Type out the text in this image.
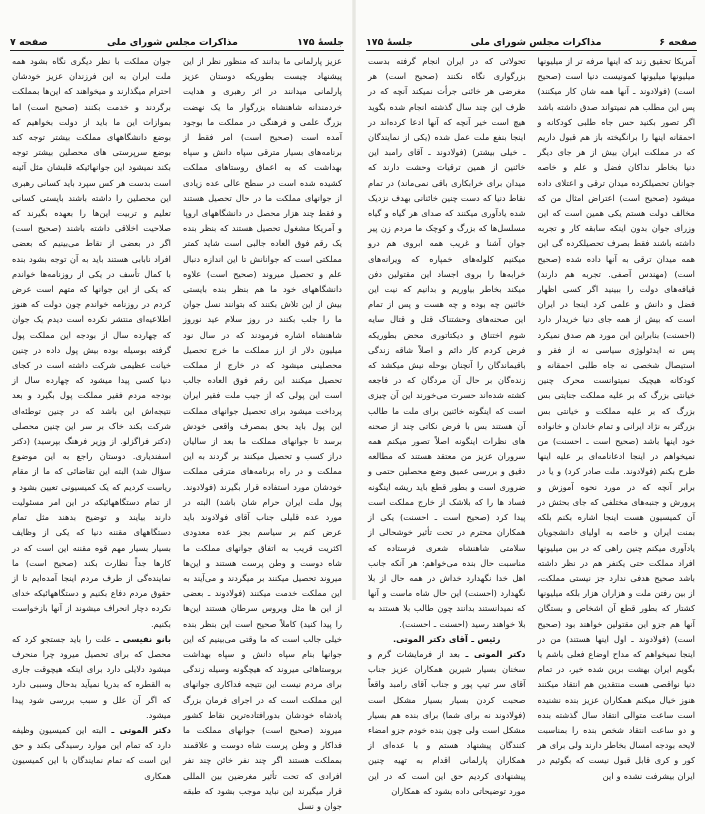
جلسهٔ ۱۷۵
مذاکرات مجلس شورای ملی
صفحه ۷

عزیز پارلمانی ما بدانند که منظور نظر از این پیشنهاد چیست بطوریکه دوستان عزیز پارلمانی میدانند در اثر رهبری و هدایت خردمندانه شاهنشاه بزرگوار ما یک نهضت بزرگ علمی و فرهنگی در مملکت ما بوجود آمده است (صحیح است) امر فقط از برنامه‌های بسیار مترقی سپاه دانش و سپاه بهداشت که به اعماق روستاهای مملکت کشیده شده است در سطح عالی عده زیادی از جوانهای مملکت ما در حال تحصیل هستند و فقط چند هزار محصل در دانشگاههای اروپا و آمریکا مشغول تحصیل هستند که بنظر بنده یک رقم فوق العاده جالبی است شاید کمتر مملکتی است که جوانانش تا این اندازه دنبال علم و تحصیل میروند (صحیح است) علاوه دانشگاههای خود ما هم بنظر بنده بایستی بیش از این تلاش بکنند که بتوانند نسل جوان ما را جلب بکنند در روز سلام عید نوروز شاهنشاه اشاره فرمودند که در سال نود میلیون دلار از ارز مملکت ما خرج تحصیل محصلینی میشود که در خارج از مملکت تحصیل میکنند این رقم فوق العاده جالب است این پولی که از جیب ملت فقیر ایران پرداخت میشود برای تحصیل جوانهای مملکت این پول باید بحق بمصرف واقعی خودش برسد تا جوانهای مملکت ما بعد از سالیان دراز کسب و تحصیل میکنند بر گردند به این مملکت و در راه برنامه‌های مترقی مملکت خودشان مورد استفاده قرار بگیرند (فولادوند. پول ملت ایران حرام شان باشد) البته در مورد عده قلیلی جناب آقای فولادوند باید عرض کنم بر سیاسم بجز عده معدودی اکثریت قریب به اتفاق جوانهای مملکت ما شاه دوست و وطن پرست هستند و این‌ها میروند تحصیل میکنند بر میگردند و می‌آیند به این مملکت خدمت میکنند (فولادوند ـ بعضی از این ها مثل ویروس سرطان هستند این‌ها را پیدا کنید) کاملاً صحیح است این بنظر بنده خیلی جالب است که ما وقتی می‌بینیم که این جوانها بنام سپاه دانش و سپاه بهداشت بروستاهائی میروند که هیچگونه وسیله زندگی برای مردم نیست این نتیجه فداکاری جوانهای این مملکت است که در اجرای فرمان بزرگ پادشاه خودشان بدورافتاده‌ترین نقاط کشور میروند (صحیح است) جوانهای مملکت ما فداکار و وطن پرست شاه دوست و علاقمند بمملکت هستند اگر چند نفر خائن چند نفر افرادی که تحت تأثیر مغرضین بین المللی قرار میگیرند این نباید موجب بشود که طبقه جوان و نسل

جوان مملکت با نظر دیگری نگاه بشود همه ملت ایران به این فرزندان عزیز خودشان احترام میگذارند و میخواهند که این‌ها بمملکت برگردند و خدمت بکنند (صحیح است) اما بموازات این ما باید از دولت بخواهیم که بوضع دانشگاههای مملکت بیشتر توجه کند بوضع سرپرستی های محصلین بیشتر توجه بکند نمیشود این جوانهائیکه قلبشان مثل آئینه است بدست هر کس سپرد باید کسانی رهبری این محصلین را داشته باشند بایستی کسانی تعلیم و تربیت این‌ها را بعهده بگیرند که صلاحیت اخلاقی داشته باشند (صحیح است) اگر در بعضی از نقاط می‌بینیم که بعضی افراد نابابی هستند باید به آن توجه بشود بنده با کمال تأسف در یکی از روزنامه‌ها خواندم که یکی از این جوانها که متهم است عرض کردم در روزنامه خواندم چون دولت که هنوز اطلاعیه‌ای منتشر نکرده است دیدم یک جوان که چهارده سال از بودجه این مملکت پول گرفته بوسیله بوده بیش پول داده در چنین خیانت عظیمی شرکت داشته است در کجای دنیا کسی پیدا میشود که چهارده سال از بودجه مردم فقیر مملکت پول بگیرد و بعد نتیجه‌اش این باشد که در چنین توطئه‌ای شرکت بکند خاک بر سر این چنین محصلی (دکتر فراگزلو. از وزیر فرهنگ بپرسید) (دکتر اسفندیاری. دوستان راجع به این موضوع سؤال شد) البته این تقاضائی که ما از مقام ریاست کردیم که یک کمیسیونی تعیین بشود و از تمام دستگاههائیکه در این امر مسئولیت دارند بیایند و توضیح بدهند مثل تمام دستگاههای مقننه دنیا که یکی از وظایف بسیار بسیار مهم قوه مقننه این است که در کارها جداً نظارت بکند (صحیح است) ما نماینده‌گی از طرف مردم اینجا آمده‌ایم تا از حقوق مردم دفاع بکنیم و دستگاههائیکه خدای نکرده دچار انحراف میشوند از آنها بازخواست بکنیم.

بانو نفیسی ـ علت را باید جستجو کرد که محصل که برای تحصیل میرود چرا منحرف میشود دلایلی دارد برای اینکه هیچوقت جاری به القطره که بدریا نمیآید بدحال وسببی دارد که اگر آن علل و سبب بررسی شود پیدا میشود.

دکتر الموتی ـ البته این کمیسیون وظیفه دارد که تمام این موارد رسیدگی بکند و حق این است که تمام نمایندگان با این کمیسیون همکاری

صفحه ۶
مذاکرات مجلس شورای ملی
جلسهٔ ۱۷۵

آمریکا تحقیق زند که اینها مرفه تر از میلیونها میلیونها میلیونها کمونیست دنیا است (صحیح است) (فولادوند ـ آنها همه شان کار میکنند) پس این مطلب هم نمیتواند صدق داشته باشد اگر تصور بکنید حس جاه طلبی کودکانه و احمقانه اینها را برانگیخته باز هم قبول داریم که در مملکت ایران بیش از هر جای دیگر دنیا بخاطر نداکان فضل و علم و خاصه جوانان تحصیلکرده میدان ترقی و اعتلای داده میشود (صحیح است) اعتراض امثال من که مخالف دولت هستم یکی همین است که این وزرای جوان بدون اینکه سابقه کار و تجربه داشته باشند فقط بصرف تحصیلکرده گی این همه میدان ترقی به آنها داده شده (صحیح است) (مهندس آصفی. تجربه هم دارند) قیافه‌های دولت را ببینید اگر کسی اظهار فضل و دانش و علمی کرد اینجا در ایران است که بیش از همه جای دنیا خریدار دارد (احسنت) بنابراین این مورد هم صدق نمیکرد پس نه ایدئولوژی سیاسی نه از فقر و استیصال شخصی نه جاه طلبی احمقانه و کودکانه هیچیک نمیتوانست محرک چنین خیانتی بزرگ که بر علیه مملکت جنایتی بس بزرگ که بر علیه مملکت و خیانتی بس بزرگتر به نژاد ایرانی و تمام خاندان و خانواده خود اینها باشد (صحیح است ـ احسنت) من نمیخواهم در اینجا ادعانامه‌ای بر علیه اینها طرح بکنم (فولادوند. ملت صادر کرد) و یا در برابر آنچه که در مورد نحوه آموزش و پرورش و جنبه‌های مختلفی که جای بحثش در آن کمیسیون هست اینجا اشاره بکنم بلکه بمنت ایران و خاصه به اولیای دانشجویان یادآوری میکنم چنین راهی که در بین میلیونها افراد مملکت حتی یکنفر هم در نظر داشته باشد صحیح هدفی ندارد جز نیستی مملکت، از بین رفتن ملت و هزاران هزار بلکه میلیونها کشتار که بطور قطع آن اشخاص و بستگان آنها هم جزو این مقتولین خواهند بود (صحیح است) (فولادوند ـ اول اینها هستند) من در اینجا نمیخواهم که مداح اوضاع فعلی باشم یا بگویم ایران بهشت برین شده خیر، در تمام دنیا نواقصی هست منتقدین هم انتقاد میکنند هنوز خیال میکنم همکاران عزیز بنده نشنیده است ساعت متوالی انتقاد سال گذشته بنده و دو ساعت انتقاد شخص بنده را بمناسبت لایحه بودجه امسال بخاطر دارند ولی برای هر کور و کری قابل قبول نیست که بگوئیم در ایران بیشرفت نشده و این

تحولاتی که در ایران انجام گرفته بدست بزرگواری نگاه نکنند (صحیح است) هر مغرضی هر خائنی جرأت نمیکند آنچه که در ظرف این چند سال گذشته انجام شده بگوید هیچ است خیر آنچه که آنها ادعا کرده‌اند در اینجا بنفع ملت عمل شده (یکی از نمایندگان ـ خیلی بیشتر) (فولادوند ـ آقای رامبد این خائنین از همین ترقیات وحشت دارند که میدان برای خرابکاری باقی نمی‌ماند) در تمام نقاط دنیا که دست چنین خائنانی بهدف نزدیک شده یادآوری میکنند که صدای هر گیاه و گیاه مسلسل‌ها که بزرگ و کوچک ما مردم زن پیر جوان آشنا و غریب همه ابروی هم درو میکنیم کلوله‌های خمپاره که ویرانه‌های خرابه‌ها را بروی اجساد این مقتولین دفن میکند بخاطر بیاوریم و بدانیم که نیت این خائنین چه بوده و چه هست و پس از تمام این صحنه‌های وحشتناک قتل و قتال سایه شوم اختناق و دیکتاتوری محض بطوریکه فرض کردم کار دائم و اصلاً شاقه زندگی باقیماندگان را آنچنان بوحله نیش میکشد که زنده‌گان بر حال آن مردگان که در فاجعه کشته شده‌اند حسرت می‌خورند این آن چیزی است که اینگونه خائنین برای ملت ما طالب آن هستند بس با فرض نکاتی چند از صحنه های نظرات اینگونه اصلاً تصور میکنم همه سروران عزیز من معتقد هستند که مطالعه دقیق و بررسی عمیق وضع محصلین حتمی و ضروری است و بطور قطع باید ریشه اینگونه فساد ها را که بلاشک از خارج مملکت است پیدا کرد (صحیح است ـ احسنت) یکی از همکاران محترم در تحت تأثیر خوشحالی از سلامتی شاهنشاه شعری فرستاده که مناسبت حال بنده می‌خواهم: هر آنکه جانب اهل خدا نگهدارد خداش در همه حال از بلا نگهدارد (احسنت) این حال شاه ماست و آنها که نمیدانستند بدانند چون طالب بلا هستند به بلا خواهند رسید (احسنت ـ احسنت).

رئیس ـ آقای دکتر الموتی.

دکتر الموتی ـ بعد از فرمایشات گرم و سخنان بسیار شیرین همکاران عزیز جناب آقای سر تیپ پور و جناب آقای رامبد واقعاً صحبت کردن بسیار بسیار مشکل است (فولادوند نه برای شما) برای بنده هم بسیار مشکل است ولی چون بنده خودم جزو امضاء کنندگان پیشنهاد هستم و با عده‌ای از همکاران پارلمانی اقدام به تهیه چنین پیشنهادی کردیم حق این است که در این مورد توضیحاتی داده بشود که همکاران
